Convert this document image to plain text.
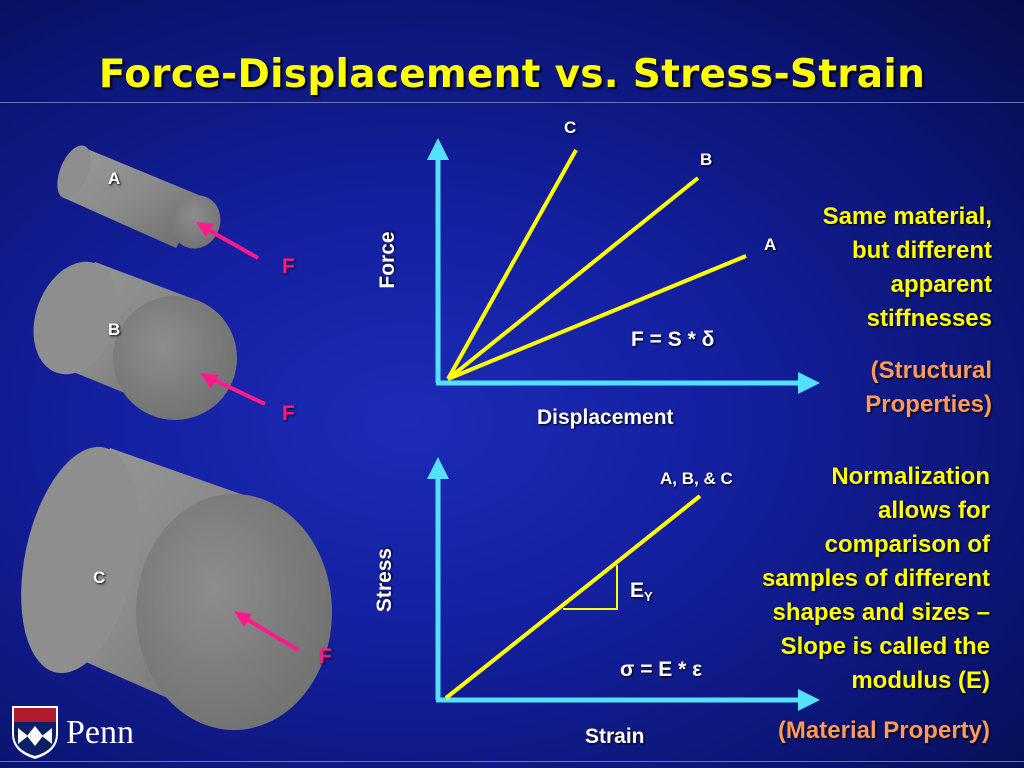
Force-Displacement vs. Stress-Strain
A
B
C
F
F
F
C
B
A
Force
Displacement
F = S * δ
A, B, & C
Stress
Strain
$E_Y$
σ = E * ε
Same material,
but different
apparent
stiffnesses
(Structural
Properties)
Normalization
allows for
comparison of
samples of different
shapes and sizes –
Slope is called the
modulus (E)
(Material Property)
Penn
